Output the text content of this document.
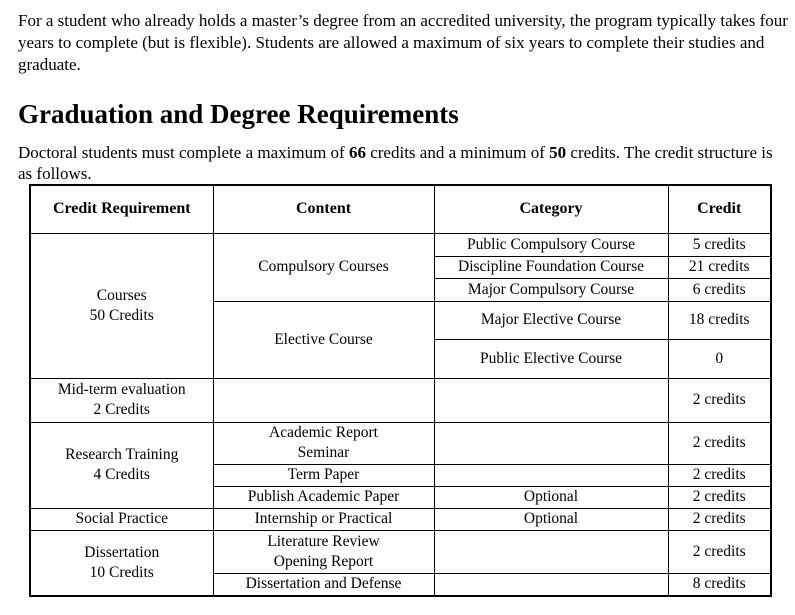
For a student who already holds a master’s degree from an accredited university, the program typically takes four years to complete (but is flexible). Students are allowed a maximum of six years to complete their studies and graduate.

Graduation and Degree Requirements

Doctoral students must complete a maximum of 66 credits and a minimum of 50 credits. The credit structure is as follows.

Credit Requirement	Content	Category	Credit

Courses
50 Credits	Compulsory Courses	Public Compulsory Course	5 credits
		Discipline Foundation Course	21 credits
		Major Compulsory Course	6 credits
	Elective Course	Major Elective Course	18 credits
		Public Elective Course	0

Mid-term evaluation
2 Credits			2 credits

Research Training
4 Credits	Academic Report
Seminar		2 credits
	Term Paper		2 credits
	Publish Academic Paper	Optional	2 credits
Social Practice	Internship or Practical	Optional	2 credits

Dissertation
10 Credits	Literature Review
Opening Report		2 credits
	Dissertation and Defense		8 credits
